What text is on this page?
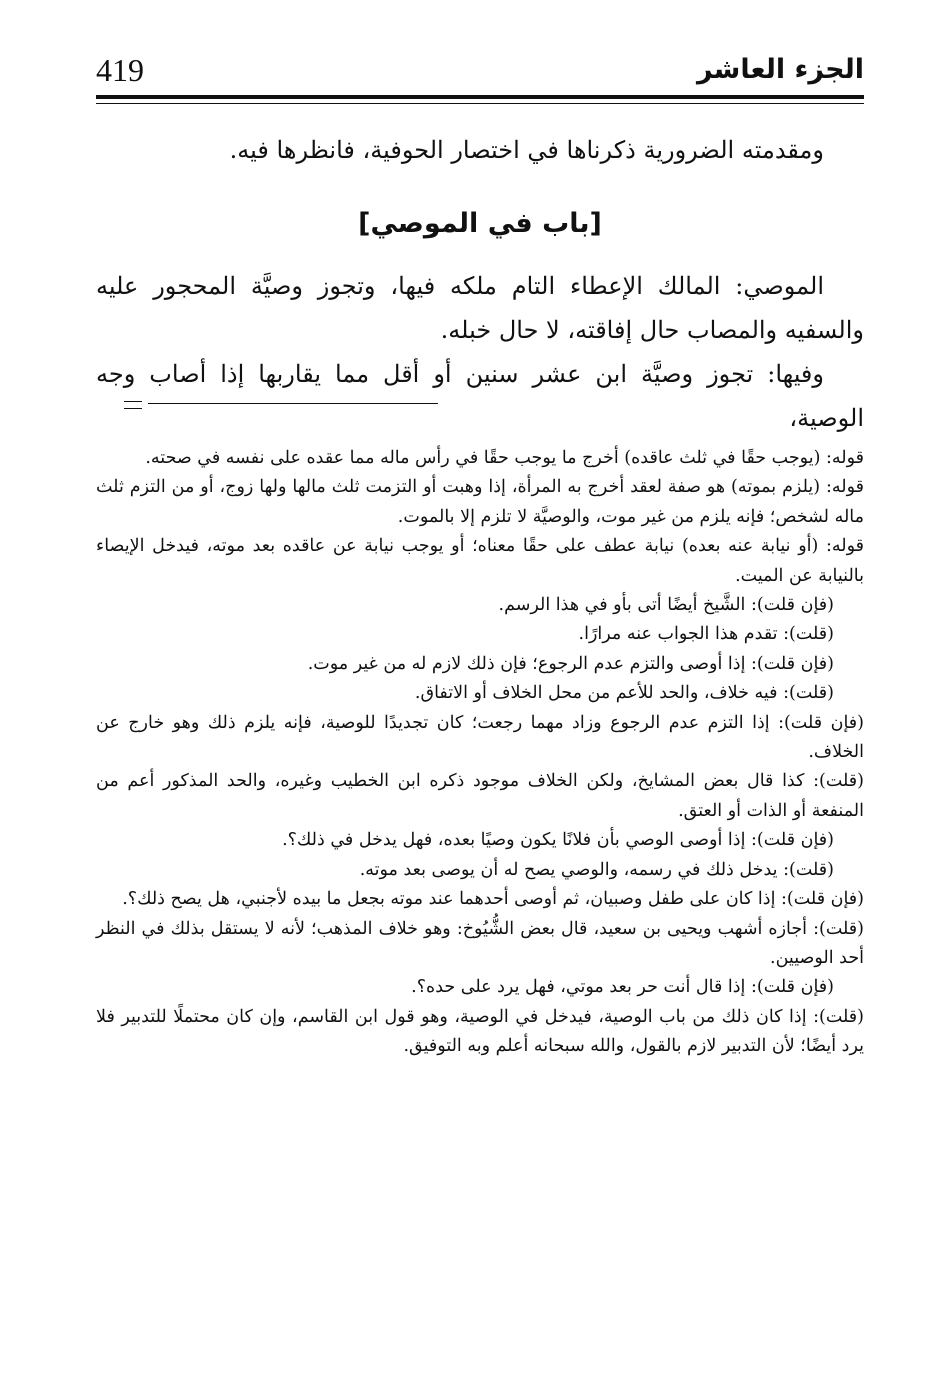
419	الجزء العاشر

ومقدمته الضرورية ذكرناها في اختصار الحوفية، فانظرها فيه.

[باب في الموصي]

الموصي: المالك الإعطاء التام ملكه فيها، وتجوز وصيَّة المحجور عليه والسفيه والمصاب حال إفاقته، لا حال خبله.

وفيها: تجوز وصيَّة ابن عشر سنين أو أقل مما يقاربها إذا أصاب وجه الوصية،

قوله: (يوجب حقًا في ثلث عاقده) أخرج ما يوجب حقًا في رأس ماله مما عقده على نفسه في صحته.

قوله: (يلزم بموته) هو صفة لعقد أخرج به المرأة، إذا وهبت أو التزمت ثلث مالها ولها زوج، أو من التزم ثلث ماله لشخص؛ فإنه يلزم من غير موت، والوصيَّة لا تلزم إلا بالموت.

قوله: (أو نيابة عنه بعده) نيابة عطف على حقًا معناه؛ أو يوجب نيابة عن عاقده بعد موته، فيدخل الإيصاء بالنيابة عن الميت.

(فإن قلت): الشَّيخ أيضًا أتى بأو في هذا الرسم.

(قلت): تقدم هذا الجواب عنه مرارًا.

(فإن قلت): إذا أوصى والتزم عدم الرجوع؛ فإن ذلك لازم له من غير موت.

(قلت): فيه خلاف، والحد للأعم من محل الخلاف أو الاتفاق.

(فإن قلت): إذا التزم عدم الرجوع وزاد مهما رجعت؛ كان تجديدًا للوصية، فإنه يلزم ذلك وهو خارج عن الخلاف.

(قلت): كذا قال بعض المشايخ، ولكن الخلاف موجود ذكره ابن الخطيب وغيره، والحد المذكور أعم من المنفعة أو الذات أو العتق.

(فإن قلت): إذا أوصى الوصي بأن فلانًا يكون وصيًا بعده، فهل يدخل في ذلك؟.

(قلت): يدخل ذلك في رسمه، والوصي يصح له أن يوصى بعد موته.

(فإن قلت): إذا كان على طفل وصبيان، ثم أوصى أحدهما عند موته بجعل ما بيده لأجنبي، هل يصح ذلك؟.

(قلت): أجازه أشهب ويحيى بن سعيد، قال بعض الشُّيُوخ: وهو خلاف المذهب؛ لأنه لا يستقل بذلك في النظر أحد الوصيين.

(فإن قلت): إذا قال أنت حر بعد موتي، فهل يرد على حده؟.

(قلت): إذا كان ذلك من باب الوصية، فيدخل في الوصية، وهو قول ابن القاسم، وإن كان محتملًا للتدبير فلا يرد أيضًا؛ لأن التدبير لازم بالقول، والله سبحانه أعلم وبه التوفيق.
